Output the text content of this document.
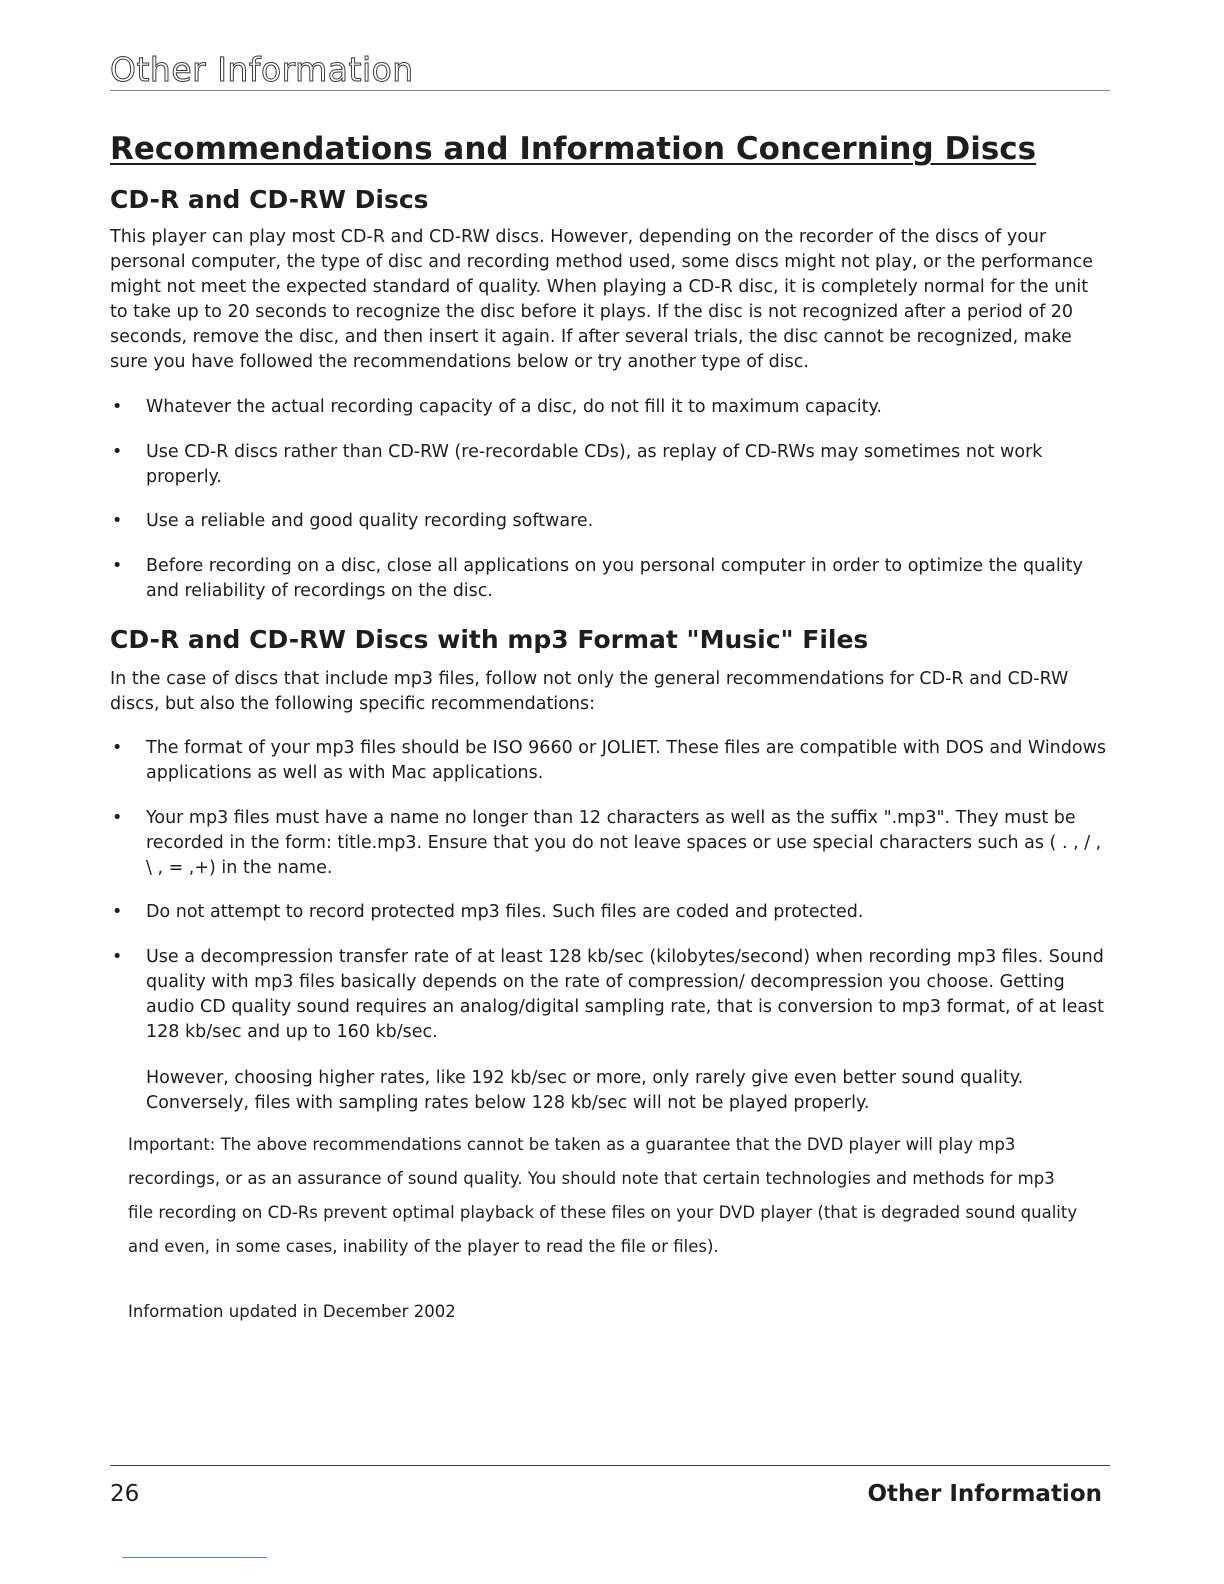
Other Information
Recommendations and Information Concerning Discs
CD-R and CD-RW Discs

This player can play most CD-R and CD-RW discs. However, depending on the recorder of the discs of your personal computer, the type of disc and recording method used, some discs might not play, or the performance might not meet the expected standard of quality. When playing a CD-R disc, it is completely normal for the unit to take up to 20 seconds to recognize the disc before it plays. If the disc is not recognized after a period of 20 seconds, remove the disc, and then insert it again. If after several trials, the disc cannot be recognized, make sure you have followed the recommendations below or try another type of disc.

• Whatever the actual recording capacity of a disc, do not fill it to maximum capacity.
• Use CD-R discs rather than CD-RW (re-recordable CDs), as replay of CD-RWs may sometimes not work properly.
• Use a reliable and good quality recording software.
• Before recording on a disc, close all applications on you personal computer in order to optimize the quality and reliability of recordings on the disc.
CD-R and CD-RW Discs with mp3 Format "Music" Files

In the case of discs that include mp3 files, follow not only the general recommendations for CD-R and CD-RW discs, but also the following specific recommendations:

• The format of your mp3 files should be ISO 9660 or JOLIET. These files are compatible with DOS and Windows applications as well as with Mac applications.
• Your mp3 files must have a name no longer than 12 characters as well as the suffix ".mp3". They must be recorded in the form: title.mp3. Ensure that you do not leave spaces or use special characters such as ( . , / , \ , = ,+) in the name.
• Do not attempt to record protected mp3 files. Such files are coded and protected.
• Use a decompression transfer rate of at least 128 kb/sec (kilobytes/second) when recording mp3 files. Sound quality with mp3 files basically depends on the rate of compression/ decompression you choose. Getting audio CD quality sound requires an analog/digital sampling rate, that is conversion to mp3 format, of at least 128 kb/sec and up to 160 kb/sec.

However, choosing higher rates, like 192 kb/sec or more, only rarely give even better sound quality. Conversely, files with sampling rates below 128 kb/sec will not be played properly.

Important: The above recommendations cannot be taken as a guarantee that the DVD player will play mp3 recordings, or as an assurance of sound quality. You should note that certain technologies and methods for mp3 file recording on CD-Rs prevent optimal playback of these files on your DVD player (that is degraded sound quality and even, in some cases, inability of the player to read the file or files).

Information updated in December 2002

26	Other Information
